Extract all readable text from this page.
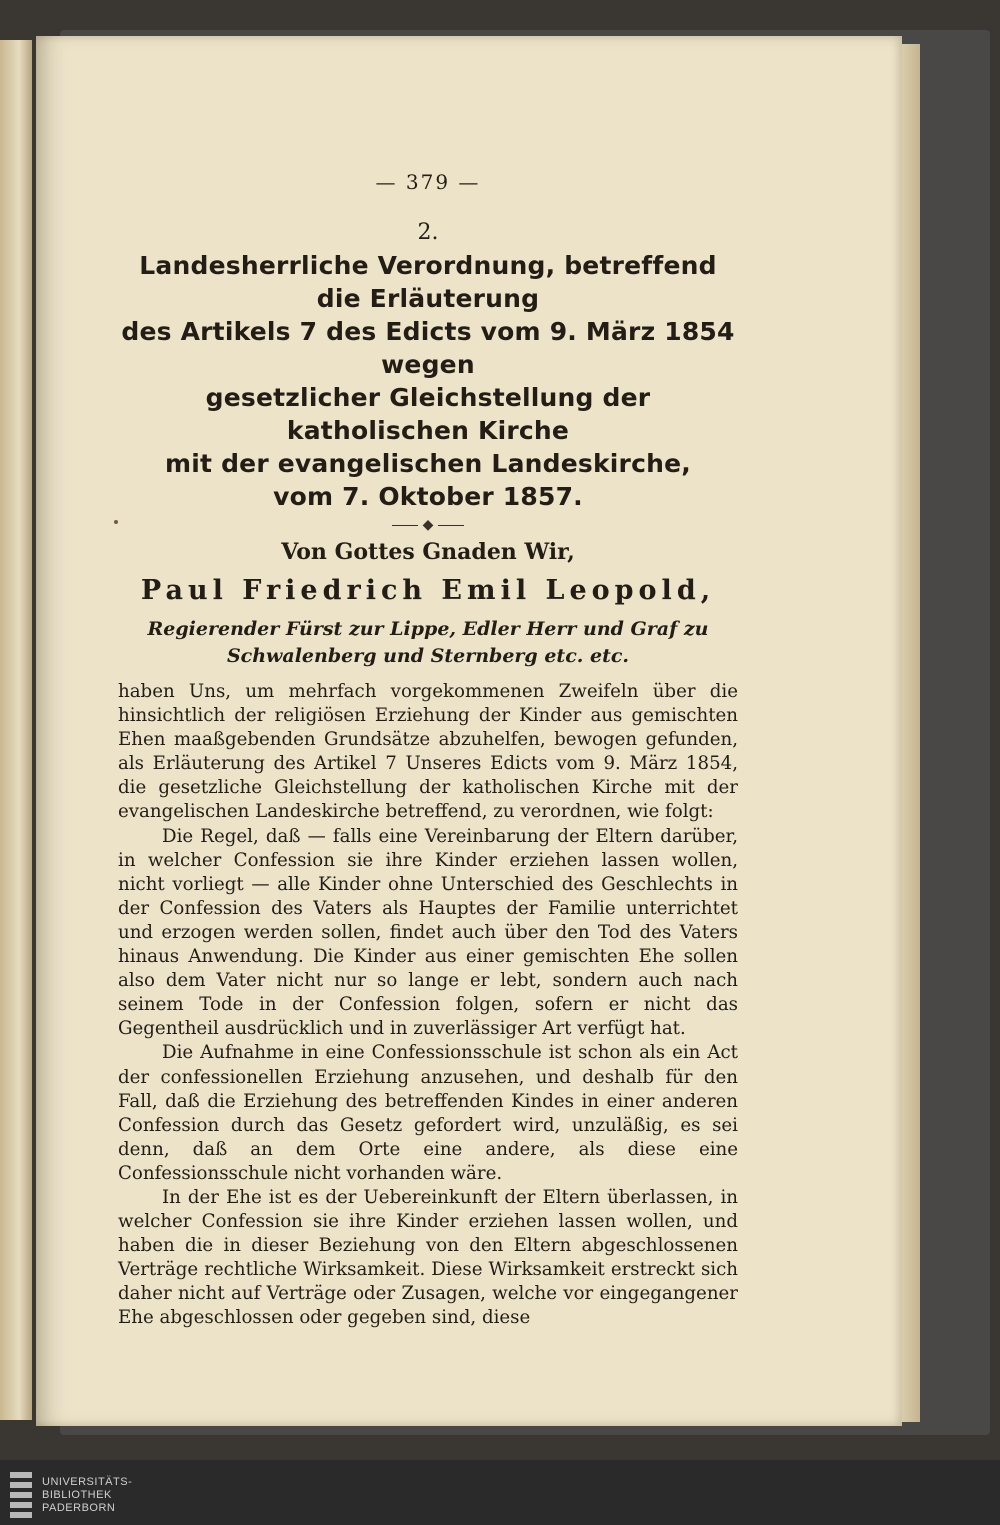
— 379 —
2.
Landesherrliche Verordnung, betreffend die Erläuterung
des Artikels 7 des Edicts vom 9. März 1854 wegen
gesetzlicher Gleichstellung der katholischen Kirche
mit der evangelischen Landeskirche,
vom 7. Oktober 1857.
◆
Von Gottes Gnaden Wir,
Paul Friedrich Emil Leopold,
Regierender Fürst zur Lippe, Edler Herr und Graf zu
Schwalenberg und Sternberg etc. etc.

haben Uns, um mehrfach vorgekommenen Zweifeln über die hinsichtlich der religiösen Erziehung der Kinder aus gemischten Ehen maaßgebenden Grundsätze abzuhelfen, bewogen gefunden, als Erläuterung des Artikel 7 Unseres Edicts vom 9. März 1854, die gesetzliche Gleichstellung der katholischen Kirche mit der evangelischen Landeskirche betreffend, zu verordnen, wie folgt:

Die Regel, daß — falls eine Vereinbarung der Eltern darüber, in welcher Confession sie ihre Kinder erziehen lassen wollen, nicht vorliegt — alle Kinder ohne Unterschied des Geschlechts in der Confession des Vaters als Hauptes der Familie unterrichtet und erzogen werden sollen, findet auch über den Tod des Vaters hinaus Anwendung. Die Kinder aus einer gemischten Ehe sollen also dem Vater nicht nur so lange er lebt, sondern auch nach seinem Tode in der Confession folgen, sofern er nicht das Gegentheil ausdrücklich und in zuverlässiger Art verfügt hat.

Die Aufnahme in eine Confessionsschule ist schon als ein Act der confessionellen Erziehung anzusehen, und deshalb für den Fall, daß die Erziehung des betreffenden Kindes in einer anderen Confession durch das Gesetz gefordert wird, unzuläßig, es sei denn, daß an dem Orte eine andere, als diese eine Confessionsschule nicht vorhanden wäre.

In der Ehe ist es der Uebereinkunft der Eltern überlassen, in welcher Confession sie ihre Kinder erziehen lassen wollen, und haben die in dieser Beziehung von den Eltern abgeschlossenen Verträge rechtliche Wirksamkeit. Diese Wirksamkeit erstreckt sich daher nicht auf Verträge oder Zusagen, welche vor eingegangener Ehe abgeschlossen oder gegeben sind, diese

UNIVERSITÄTS-
BIBLIOTHEK
PADERBORN
